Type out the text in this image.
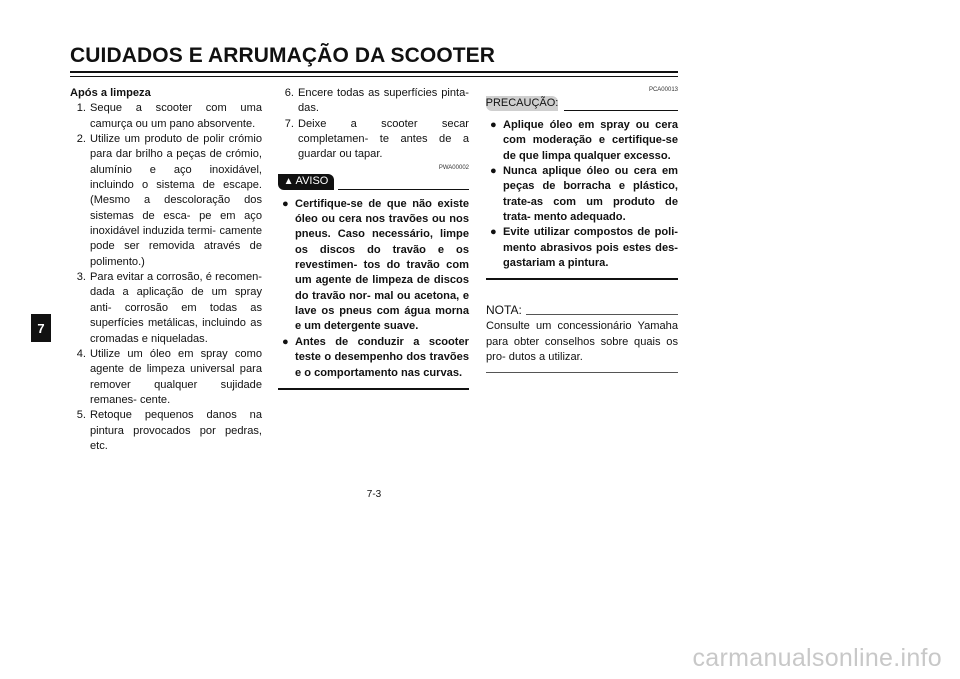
CUIDADOS E ARRUMAÇÃO DA SCOOTER
7

Após a limpeza

1. Seque a scooter com uma camurça ou um pano absorvente.
2. Utilize um produto de polir crómio para dar brilho a peças de crómio, alumínio e aço inoxidável, incluindo o sistema de escape. (Mesmo a descoloração dos sistemas de esca- pe em aço inoxidável induzida termi- camente pode ser removida através de polimento.)
3. Para evitar a corrosão, é recomen- dada a aplicação de um spray anti- corrosão em todas as superfícies metálicas, incluindo as cromadas e niqueladas.
4. Utilize um óleo em spray como agente de limpeza universal para remover qualquer sujidade remanes- cente.
5. Retoque pequenos danos na pintura provocados por pedras, etc.
6. Encere todas as superfícies pinta- das.
7. Deixe a scooter secar completamen- te antes de a guardar ou tapar.

PWA00002

▲ AVISO
● Certifique-se de que não existe óleo ou cera nos travões ou nos pneus. Caso necessário, limpe os discos do travão e os revestimen- tos do travão com um agente de limpeza de discos do travão nor- mal ou acetona, e lave os pneus com água morna e um detergente suave.
● Antes de conduzir a scooter teste o desempenho dos travões e o comportamento nas curvas.

PCA00013

PRECAUÇÃO:
● Aplique óleo em spray ou cera com moderação e certifique-se de que limpa qualquer excesso.
● Nunca aplique óleo ou cera em peças de borracha e plástico, trate-as com um produto de trata- mento adequado.
● Evite utilizar compostos de poli- mento abrasivos pois estes des- gastariam a pintura.
NOTA:

Consulte um concessionário Yamaha para obter conselhos sobre quais os pro- dutos a utilizar.

7-3
carmanualsonline.info
